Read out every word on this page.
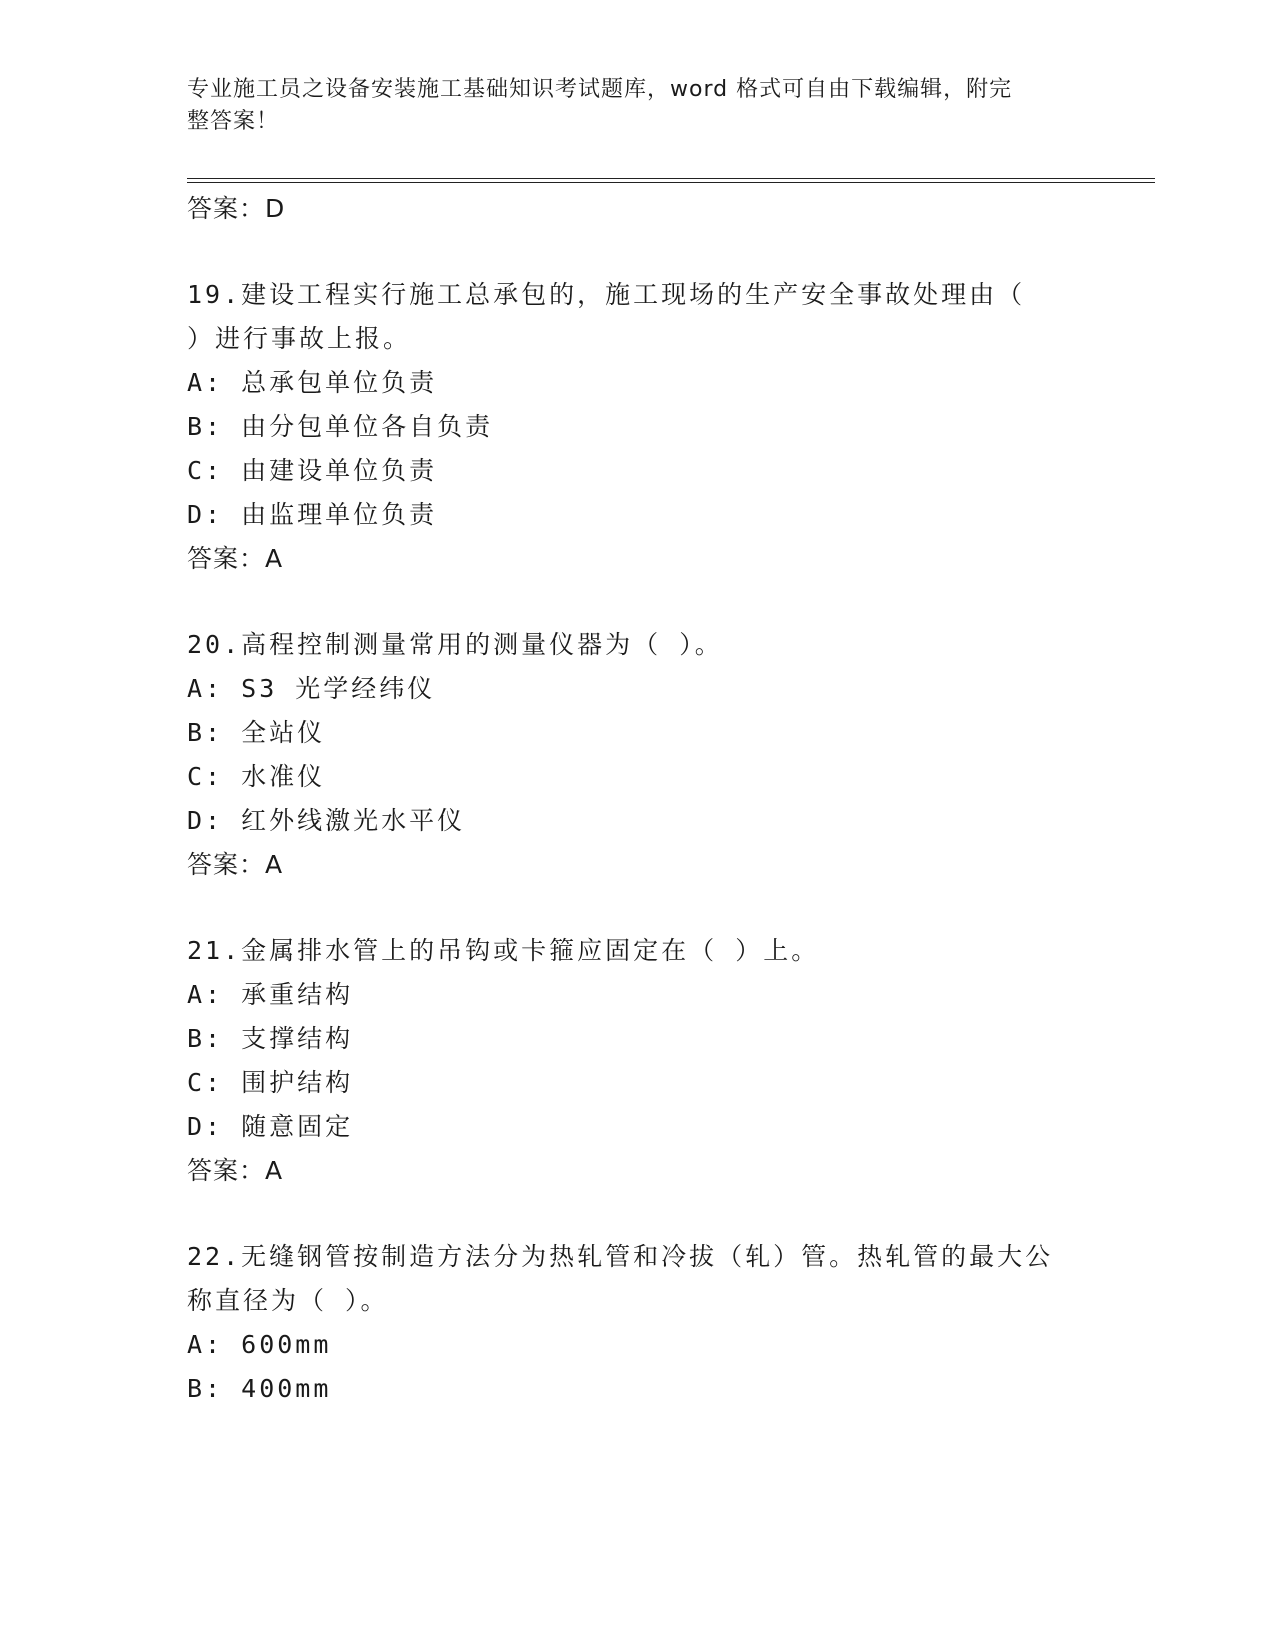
专业施工员之设备安装施工基础知识考试题库，word 格式可自由下载编辑，附完
整答案！
答案：D
19.建设工程实行施工总承包的，施工现场的生产安全事故处理由（
）进行事故上报。
A: 总承包单位负责
B: 由分包单位各自负责
C: 由建设单位负责
D: 由监理单位负责
答案：A
20.高程控制测量常用的测量仪器为（ ）。
A: S3 光学经纬仪
B: 全站仪
C: 水准仪
D: 红外线激光水平仪
答案：A
21.金属排水管上的吊钩或卡箍应固定在（ ）上。
A: 承重结构
B: 支撑结构
C: 围护结构
D: 随意固定
答案：A
22.无缝钢管按制造方法分为热轧管和冷拔（轧）管。热轧管的最大公
称直径为（ ）。
A: 600mm
B: 400mm
